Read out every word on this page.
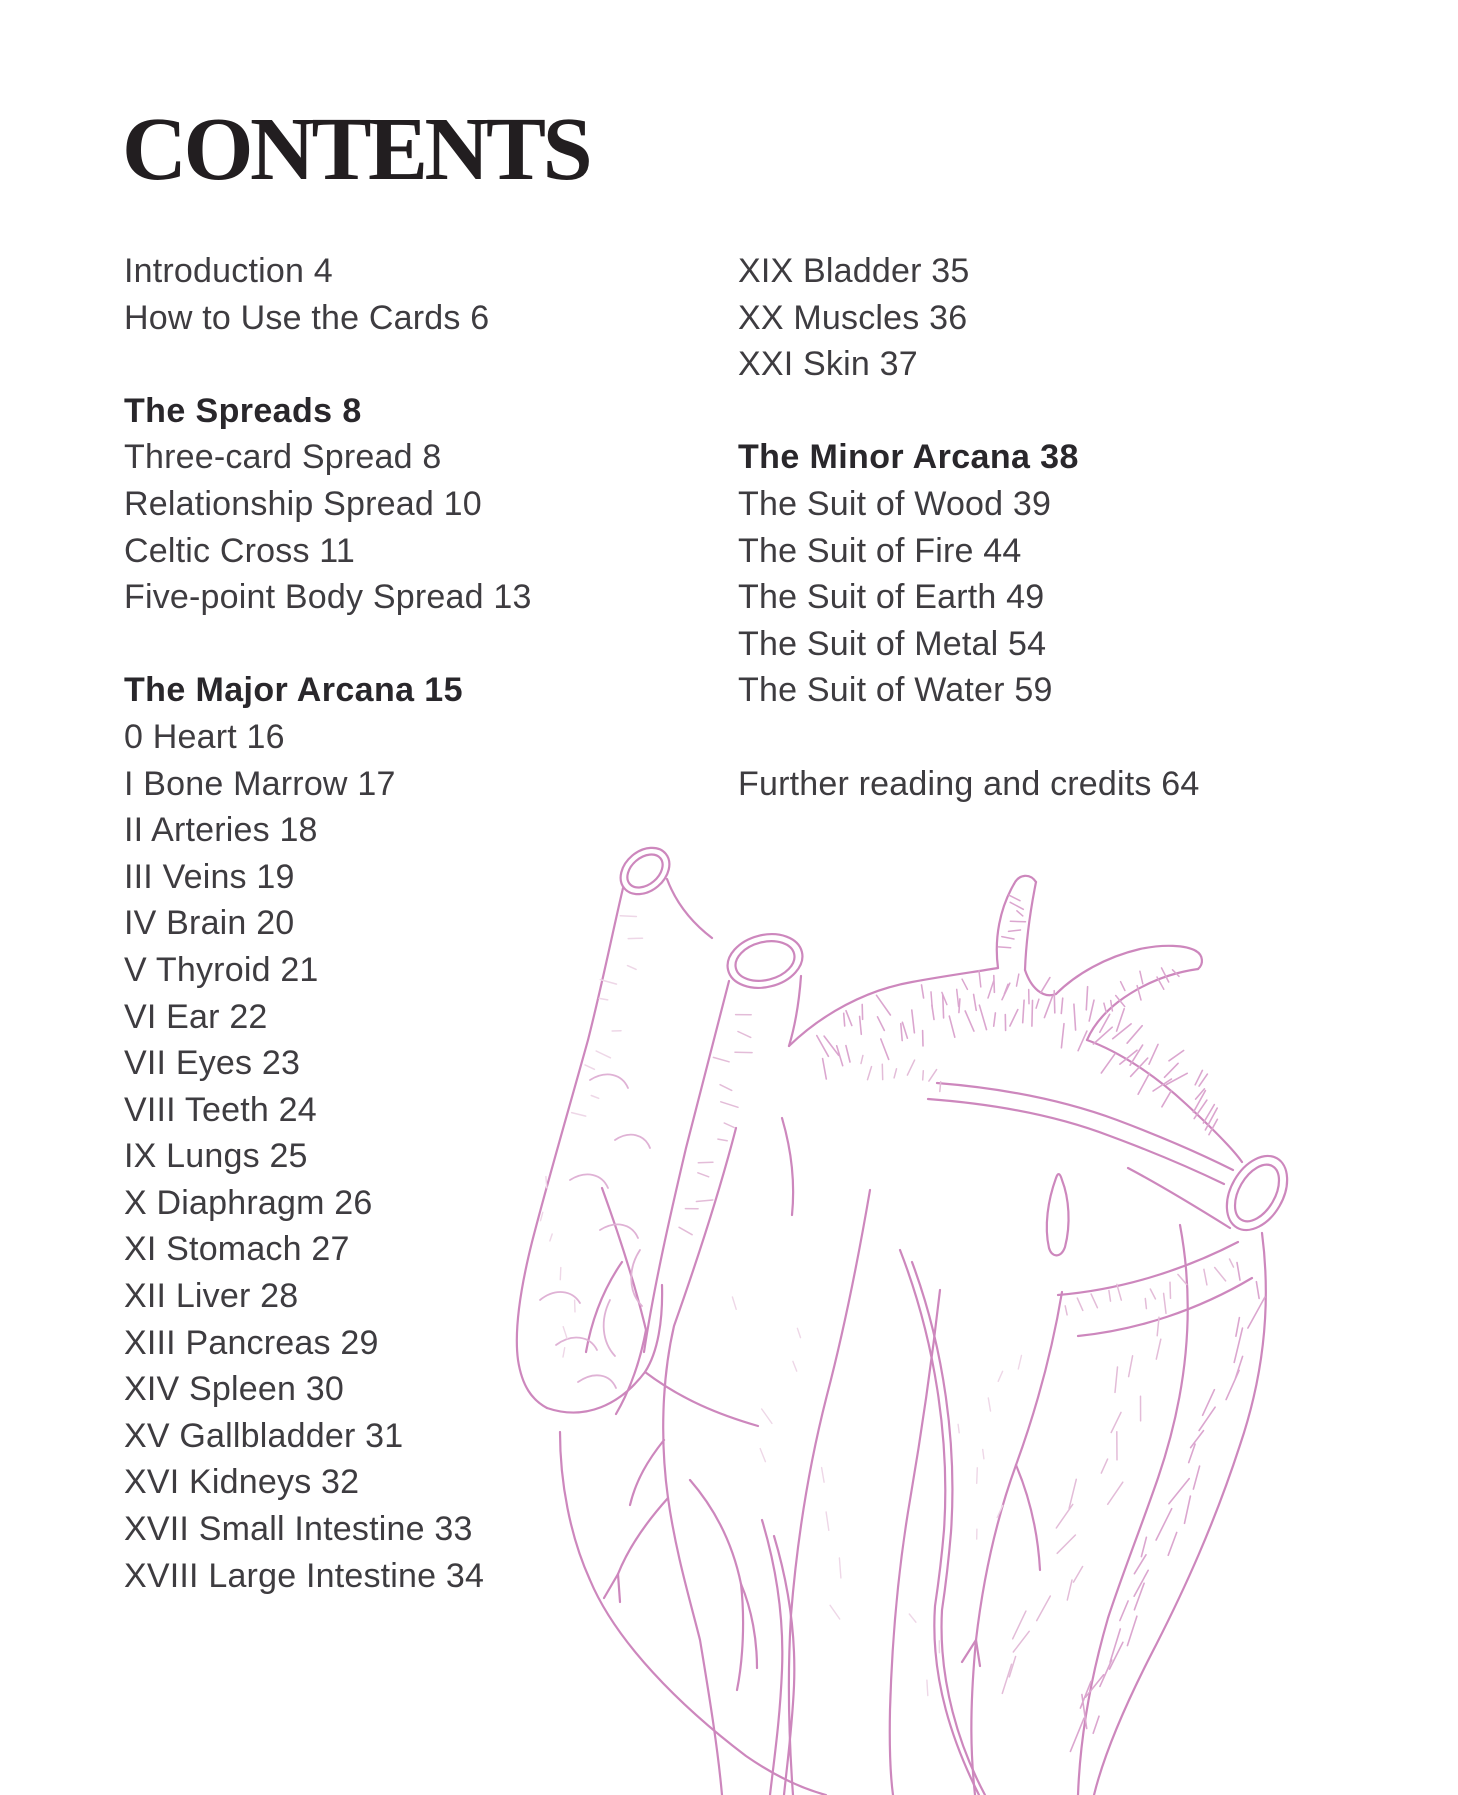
CONTENTS
Introduction 4
How to Use the Cards 6
The Spreads 8
Three-card Spread 8
Relationship Spread 10
Celtic Cross 11
Five-point Body Spread 13
The Major Arcana 15
0 Heart 16
I Bone Marrow 17
II Arteries 18
III Veins 19
IV Brain 20
V Thyroid 21
VI Ear 22
VII Eyes 23
VIII Teeth 24
IX Lungs 25
X Diaphragm 26
XI Stomach 27
XII Liver 28
XIII Pancreas 29
XIV Spleen 30
XV Gallbladder 31
XVI Kidneys 32
XVII Small Intestine 33
XVIII Large Intestine 34
XIX Bladder 35
XX Muscles 36
XXI Skin 37
The Minor Arcana 38
The Suit of Wood 39
The Suit of Fire 44
The Suit of Earth 49
The Suit of Metal 54
The Suit of Water 59
Further reading and credits 64
